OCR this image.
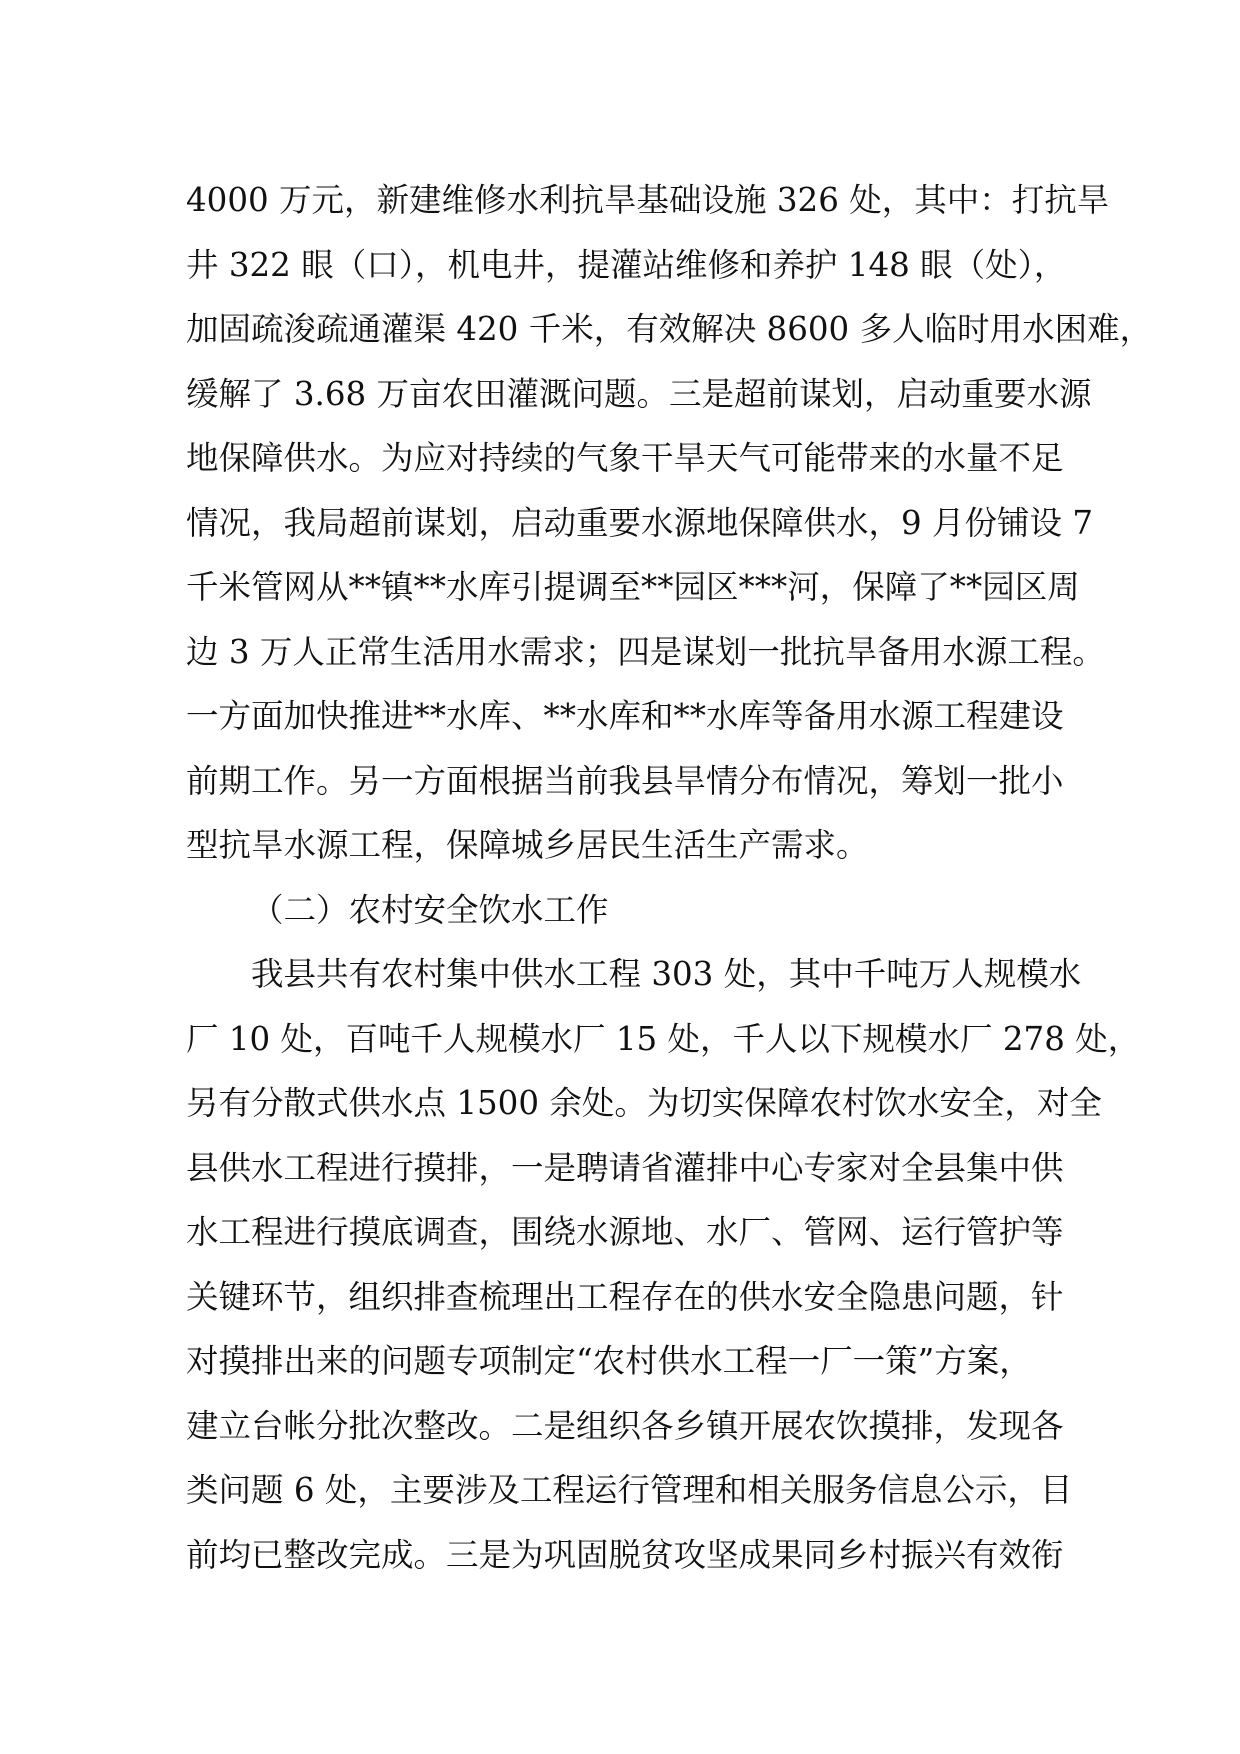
4000 万元，新建维修水利抗旱基础设施 326 处，其中：打抗旱
井 322 眼（口），机电井，提灌站维修和养护 148 眼（处），
加固疏浚疏通灌渠 420 千米，有效解决 8600 多人临时用水困难，
缓解了 3.68 万亩农田灌溉问题。三是超前谋划，启动重要水源
地保障供水。为应对持续的气象干旱天气可能带来的水量不足
情况，我局超前谋划，启动重要水源地保障供水，9 月份铺设 7
千米管网从**镇**水库引提调至**园区***河，保障了**园区周
边 3 万人正常生活用水需求；四是谋划一批抗旱备用水源工程。
一方面加快推进**水库、**水库和**水库等备用水源工程建设
前期工作。另一方面根据当前我县旱情分布情况，筹划一批小
型抗旱水源工程，保障城乡居民生活生产需求。
（二）农村安全饮水工作
我县共有农村集中供水工程 303 处，其中千吨万人规模水
厂 10 处，百吨千人规模水厂 15 处，千人以下规模水厂 278 处，
另有分散式供水点 1500 余处。为切实保障农村饮水安全，对全
县供水工程进行摸排，一是聘请省灌排中心专家对全县集中供
水工程进行摸底调查，围绕水源地、水厂、管网、运行管护等
关键环节，组织排查梳理出工程存在的供水安全隐患问题，针
对摸排出来的问题专项制定“农村供水工程一厂一策”方案，
建立台帐分批次整改。二是组织各乡镇开展农饮摸排，发现各
类问题 6 处，主要涉及工程运行管理和相关服务信息公示，目
前均已整改完成。三是为巩固脱贫攻坚成果同乡村振兴有效衔
